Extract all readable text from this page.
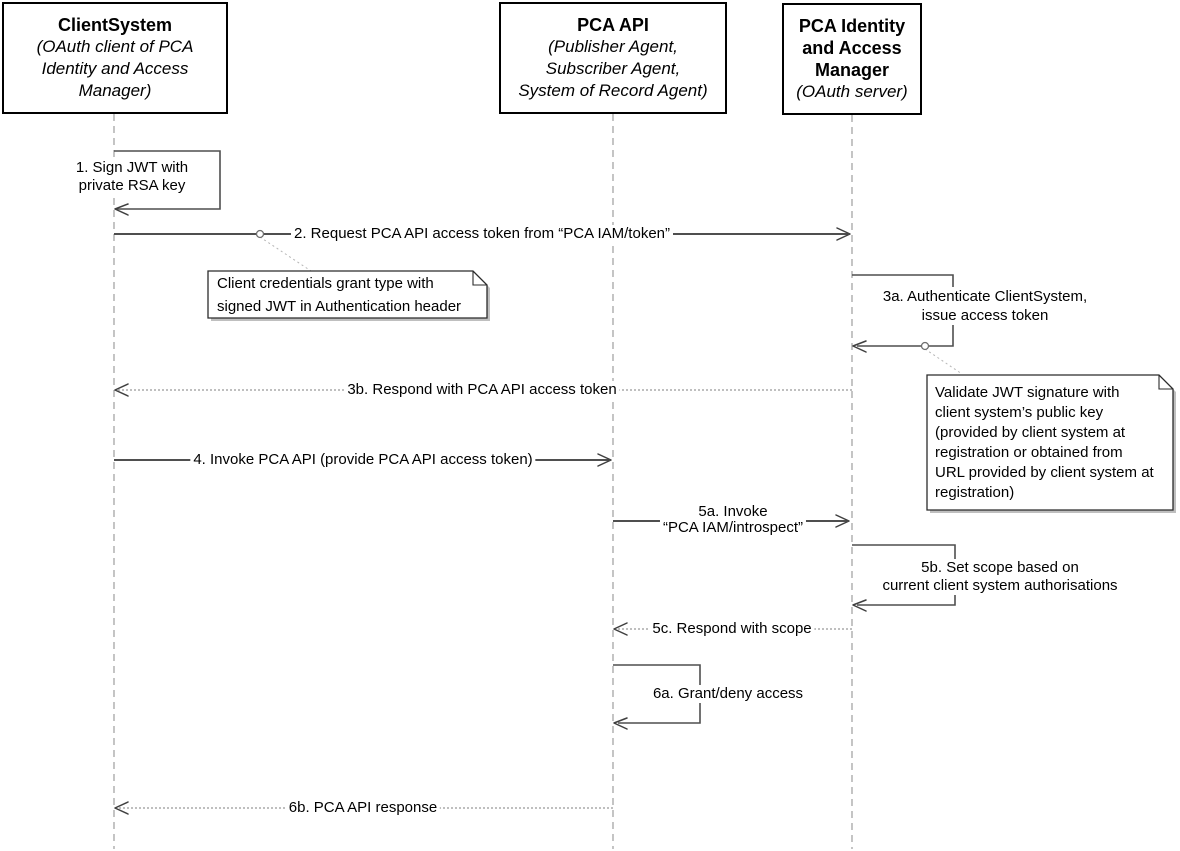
ClientSystem
(OAuth client of PCA
Identity and Access
Manager)
PCA API
(Publisher Agent,
Subscriber Agent,
System of Record Agent)
PCA Identity
and Access
Manager
(OAuth server)
1. Sign JWT with
private RSA key
2. Request PCA API access token from “PCA IAM/token”
3a. Authenticate ClientSystem,
issue access token
3b. Respond with PCA API access token
4. Invoke PCA API (provide PCA API access token)
5a. Invoke
“PCA IAM/introspect”
5b. Set scope based on
current client system authorisations
5c. Respond with scope
6a. Grant/deny access
6b. PCA API response
Client credentials grant type with
signed JWT in Authentication header
Validate JWT signature with
client system’s public key
(provided by client system at
registration or obtained from
URL provided by client system at
registration)
